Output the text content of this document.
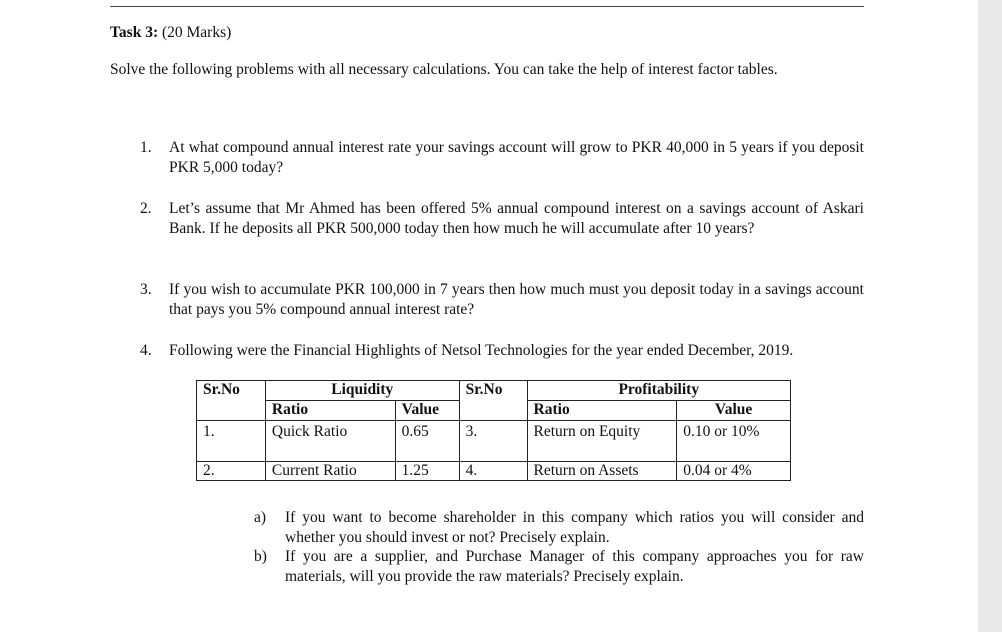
Task 3: (20 Marks)
Solve the following problems with all necessary calculations. You can take the help of interest factor tables.
1.	At what compound annual interest rate your savings account will grow to PKR 40,000 in 5 years if you deposit PKR 5,000 today?
2.	Let’s assume that Mr Ahmed has been offered 5% annual compound interest on a savings account of Askari Bank. If he deposits all PKR 500,000 today then how much he will accumulate after 10 years?
3.	If you wish to accumulate PKR 100,000 in 7 years then how much must you deposit today in a savings account that pays you 5% compound annual interest rate?
4.	Following were the Financial Highlights of Netsol Technologies for the year ended December, 2019.
Sr.No	Liquidity		Sr.No	Profitability	
	Ratio	Value		Ratio	Value
1.	Quick Ratio	0.65	3.	Return on Equity	0.10 or 10%
2.	Current Ratio	1.25	4.	Return on Assets	0.04 or 4%
a) If you want to become shareholder in this company which ratios you will consider and whether you should invest or not? Precisely explain.
b) If you are a supplier, and Purchase Manager of this company approaches you for raw materials, will you provide the raw materials? Precisely explain.
